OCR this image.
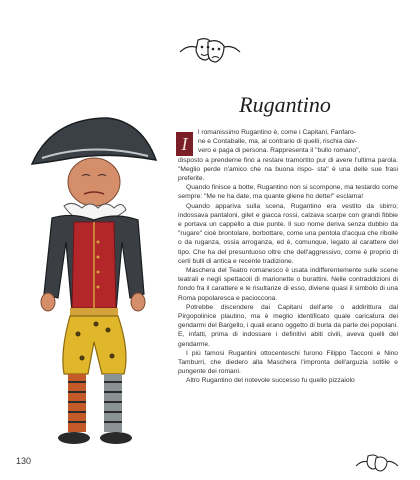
Rugantino
I

l romanissimo Rugantino è, come i Capitani, Fanfaro-
ne e Contaballe, ma, al contrario di quelli, rischia dav-
vero e paga di persona. Rappresenta il "bullo romano",
disposto a prenderne fino a restare tramortito pur di avere l'ultima parola. "Meglio perde n'amico che na buona rispo- sta" è una delle sue frasi preferite.

Quando finisce a botte, Rugantino non si scompone, ma testardo come sempre: "Me ne ha date, ma quante gliene ho dette!" esclama!

Quando appariva sulla scena, Rugantino era vestito da sbirro; indossava pantaloni, gilet e giacca rossi, calzava scarpe con grandi fibbie e portava un cappello a due punte. Il suo nome deriva senza dubbio da "rugare" cioè brontolare, borbottare, come una pentola d'acqua che ribolle o da ruganza, ossia arroganza, ed è, comunque, legato al carattere del tipo. Che ha del presuntuoso oltre che dell'aggressivo, come è proprio di certi bulli di antica e recente tradizione.

Maschera del Teatro romanesco è usata indifferentemente sulle scene teatrali e negli spettacoli di marionette o burattini. Nelle contraddizioni di fondo fra il carattere e le risultanze di esso, diviene quasi il simbolo di una Roma popolaresca e pacioccona.

Potrebbe discendere dai Capitani dell'arte o addirittura dal Pirgopolinice plautino, ma è meglio identificato quale caricatura dei gendarmi del Bargello, i quali erano oggetto di burla da parte dei popolani. E, infatti, prima di indossare i definitivi abiti civili, aveva quelli del gendarme.

I più famosi Rugantini ottocenteschi furono Filippo Tacconi e Nino Tamburri, che diedero alla Maschera l'impronta dell'arguzia sottile e pungente dei romani.

Altro Rugantino del notevole successo fu quello pizzaiolo

130
